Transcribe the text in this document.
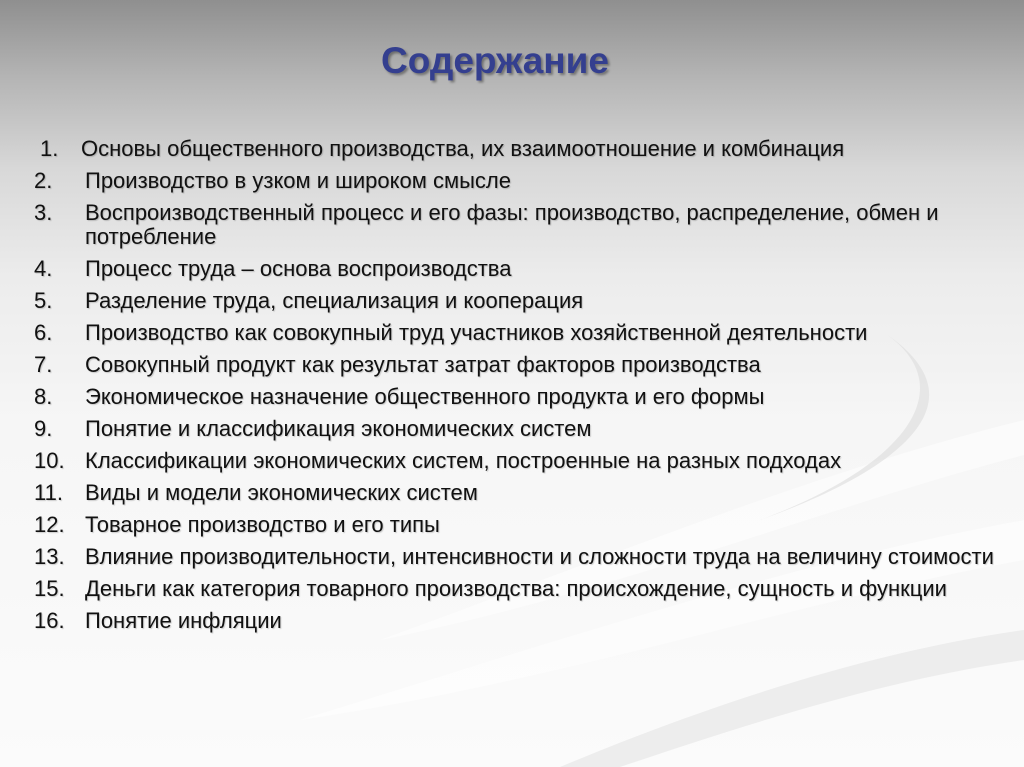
Содержание
1.	Основы общественного производства, их взаимоотношение и комбинация
2.	Производство в узком и широком смысле
3.	Воспроизводственный процесс и его фазы: производство, распределение, обмен и потребление
4.	Процесс труда – основа воспроизводства
5.	Разделение труда, специализация и кооперация
6.	Производство как совокупный труд участников хозяйственной деятельности
7.	Совокупный продукт как результат затрат факторов производства
8.	Экономическое назначение общественного продукта и его формы
9.	Понятие и классификация экономических систем
10. Классификации экономических систем, построенные на разных подходах
11.	Виды и модели экономических систем
12. Товарное производство и его типы
13. Влияние производительности, интенсивности и сложности труда на величину стоимости
15. Деньги как категория товарного производства: происхождение, сущность и функции
16. Понятие инфляции
